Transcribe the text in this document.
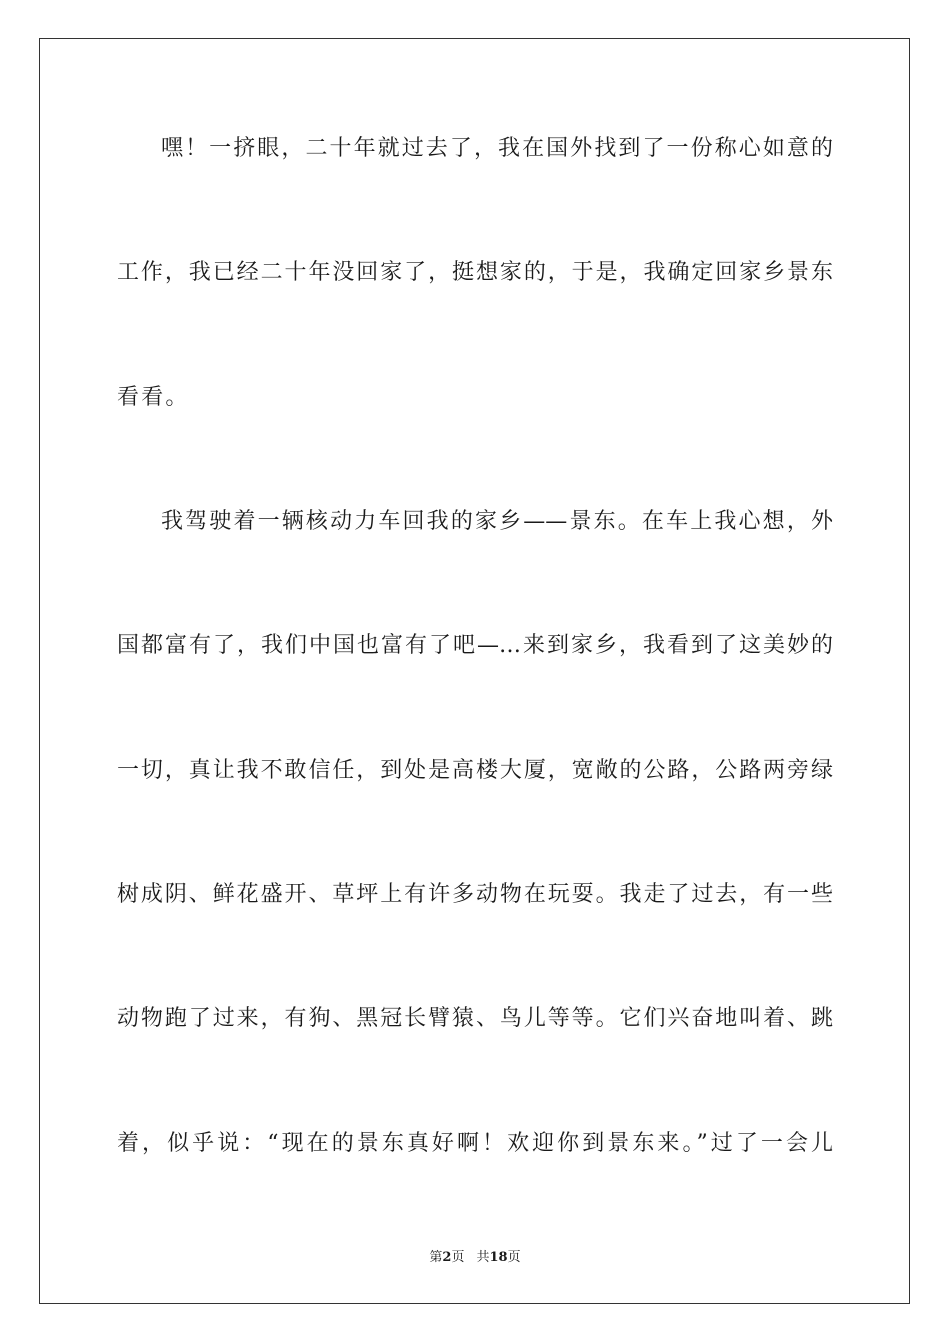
嘿！一挤眼，二十年就过去了，我在国外找到了一份称心如意的
工作，我已经二十年没回家了，挺想家的，于是，我确定回家乡景东
看看。
我驾驶着一辆核动力车回我的家乡——景东。在车上我心想，外
国都富有了，我们中国也富有了吧—…来到家乡，我看到了这美妙的
一切，真让我不敢信任，到处是高楼大厦，宽敞的公路，公路两旁绿
树成阴、鲜花盛开、草坪上有许多动物在玩耍。我走了过去，有一些
动物跑了过来，有狗、黑冠长臂猿、鸟儿等等。它们兴奋地叫着、跳
着，似乎说：“现在的景东真好啊！欢迎你到景东来。”过了一会儿
第2页 共18页
